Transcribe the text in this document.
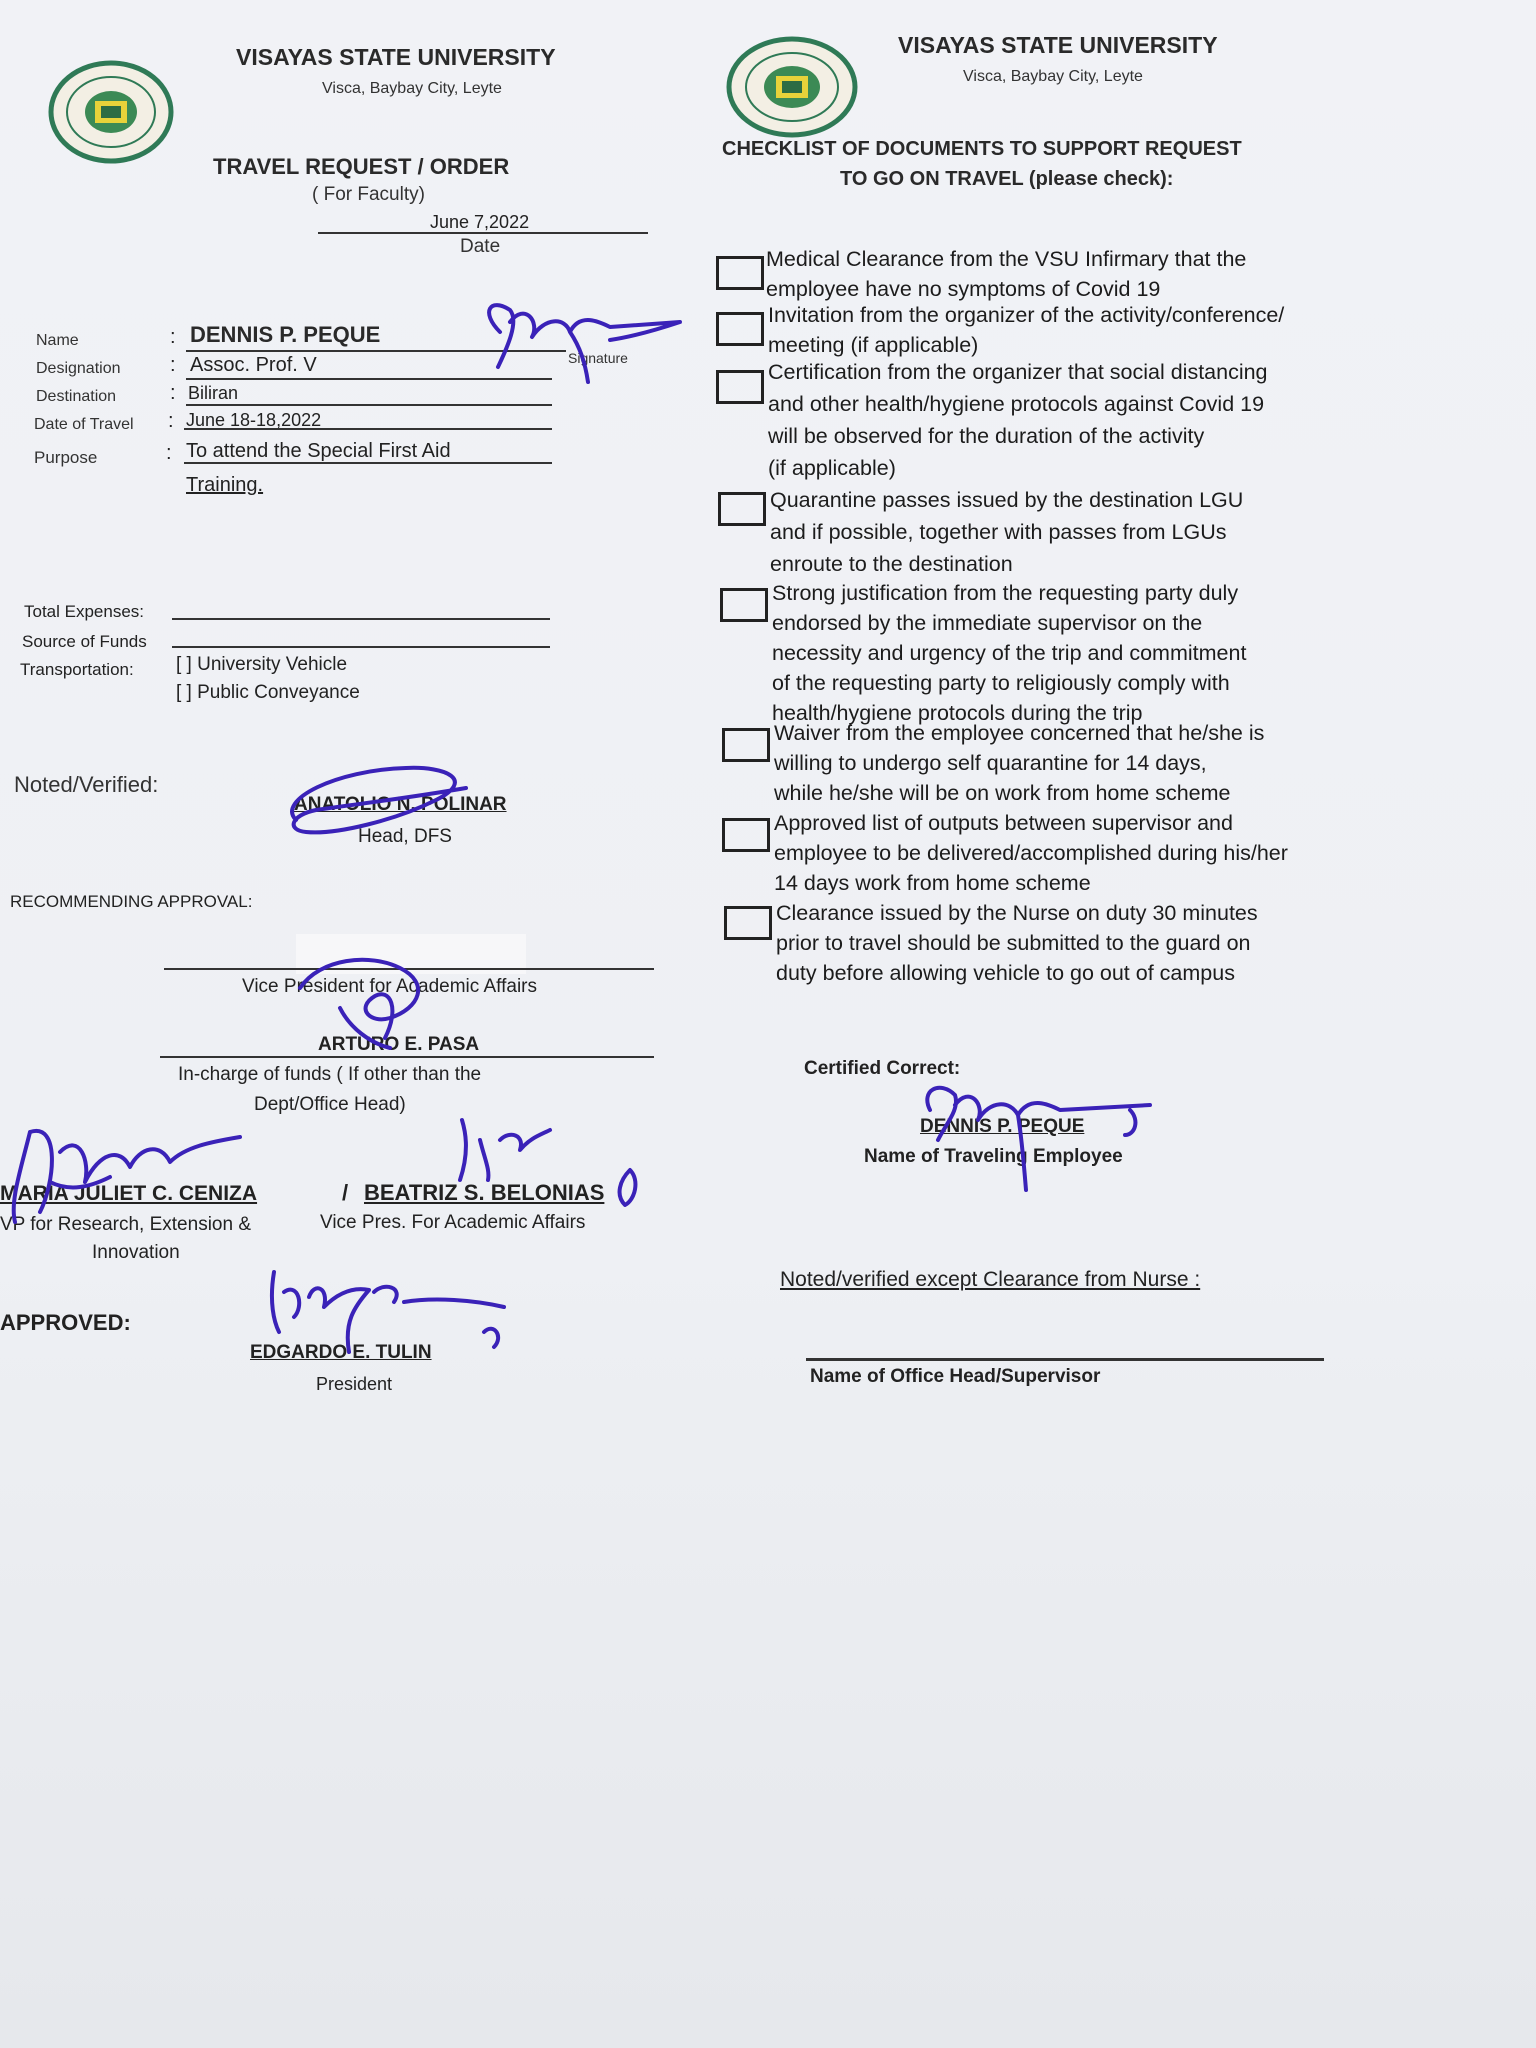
VISAYAS STATE UNIVERSITY
Visca, Baybay City, Leyte
TRAVEL REQUEST / ORDER
( For Faculty)
June 7,2022
Date
Name	: DENNIS P. PEQUE
Signature
Designation : Assoc. Prof. V
Destination	: Biliran
Date of Travel : June 18-18,2022
Purpose	: To attend the Special First Aid
Training.
Total Expenses:
Source of Funds
Transportation: [ ] University Vehicle
[ ] Public Conveyance
Noted/Verified:
ANATOLIO N. POLINAR
Head, DFS
RECOMMENDING APPROVAL:
Vice President for Academic Affairs
ARTURO E. PASA
In-charge of funds ( If other than the
Dept/Office Head)
MARIA JULIET C. CENIZA
VP for Research, Extension &
Innovation
/ BEATRIZ S. BELONIAS
Vice Pres. For Academic Affairs
APPROVED:
EDGARDO E. TULIN
President
VISAYAS STATE UNIVERSITY
Visca, Baybay City, Leyte
CHECKLIST OF DOCUMENTS TO SUPPORT REQUEST
TO GO ON TRAVEL (please check):
Medical Clearance from the VSU Infirmary that the
employee have no symptoms of Covid 19
Invitation from the organizer of the activity/conference/
meeting (if applicable)
Certification from the organizer that social distancing
and other health/hygiene protocols against Covid 19
will be observed for the duration of the activity
(if applicable)
Quarantine passes issued by the destination LGU
and if possible, together with passes from LGUs
enroute to the destination
Strong justification from the requesting party duly
endorsed by the immediate supervisor on the
necessity and urgency of the trip and commitment
of the requesting party to religiously comply with
health/hygiene protocols during the trip
Waiver from the employee concerned that he/she is
willing to undergo self quarantine for 14 days,
while he/she will be on work from home scheme
Approved list of outputs between supervisor and
employee to be delivered/accomplished during his/her
14 days work from home scheme
Clearance issued by the Nurse on duty 30 minutes
prior to travel should be submitted to the guard on
duty before allowing vehicle to go out of campus
Certified Correct:
DENNIS P. PEQUE
Name of Traveling Employee
Noted/verified except Clearance from Nurse :
Name of Office Head/Supervisor
